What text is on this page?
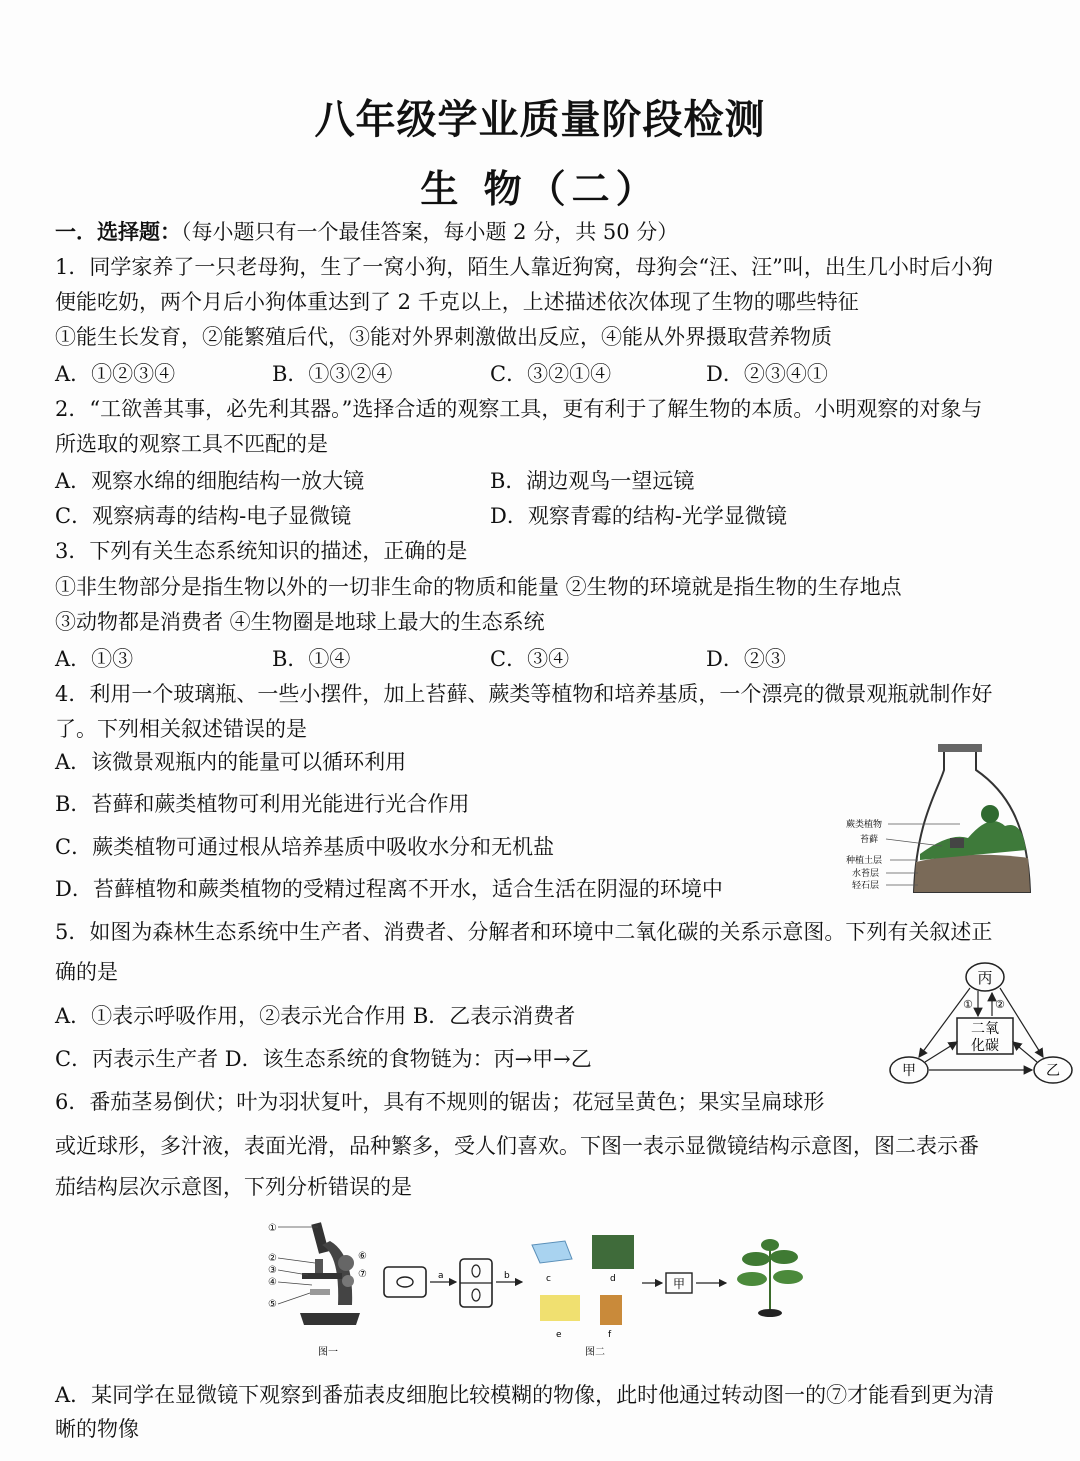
八年级学业质量阶段检测
生 物（二）
一．选择题：（每小题只有一个最佳答案，每小题 2 分，共 50 分）
1．同学家养了一只老母狗，生了一窝小狗，陌生人靠近狗窝，母狗会“汪、汪”叫，出生几小时后小狗
便能吃奶，两个月后小狗体重达到了 2 千克以上，上述描述依次体现了生物的哪些特征
①能生长发育，②能繁殖后代，③能对外界刺激做出反应，④能从外界摄取营养物质
A．①②③④	B．①③②④	C．③②①④	D．②③④①
2．“工欲善其事，必先利其器。”选择合适的观察工具，更有利于了解生物的本质。小明观察的对象与
所选取的观察工具不匹配的是
A．观察水绵的细胞结构一放大镜	B．湖边观鸟一望远镜
C．观察病毒的结构-电子显微镜	D．观察青霉的结构-光学显微镜
3．下列有关生态系统知识的描述，正确的是
①非生物部分是指生物以外的一切非生命的物质和能量 ②生物的环境就是指生物的生存地点
③动物都是消费者 ④生物圈是地球上最大的生态系统
A．①③	B．①④	C．③④	D．②③
4．利用一个玻璃瓶、一些小摆件，加上苔藓、蕨类等植物和培养基质，一个漂亮的微景观瓶就制作好
了。下列相关叙述错误的是
A．该微景观瓶内的能量可以循环利用
B．苔藓和蕨类植物可利用光能进行光合作用
C．蕨类植物可通过根从培养基质中吸收水分和无机盐
D．苔藓植物和蕨类植物的受精过程离不开水，适合生活在阴湿的环境中
蕨类植物
苔藓
种植土层
水苔层
轻石层
5．如图为森林生态系统中生产者、消费者、分解者和环境中二氧化碳的关系示意图。下列有关叙述正
确的是
A．①表示呼吸作用，②表示光合作用 B．乙表示消费者
C．丙表示生产者 D．该生态系统的食物链为：丙→甲→乙
丙
二氧
化碳
甲	乙
① ②
6．番茄茎易倒伏；叶为羽状复叶，具有不规则的锯齿；花冠呈黄色；果实呈扁球形
或近球形，多汁液，表面光滑，品种繁多，受人们喜欢。下图一表示显微镜结构示意图，图二表示番
茄结构层次示意图，下列分析错误的是
①
②
③
④
⑤
⑥
⑦
图一
a	b	c	d
e	f
图二
甲
A．某同学在显微镜下观察到番茄表皮细胞比较模糊的物像，此时他通过转动图一的⑦才能看到更为清
晰的物像
